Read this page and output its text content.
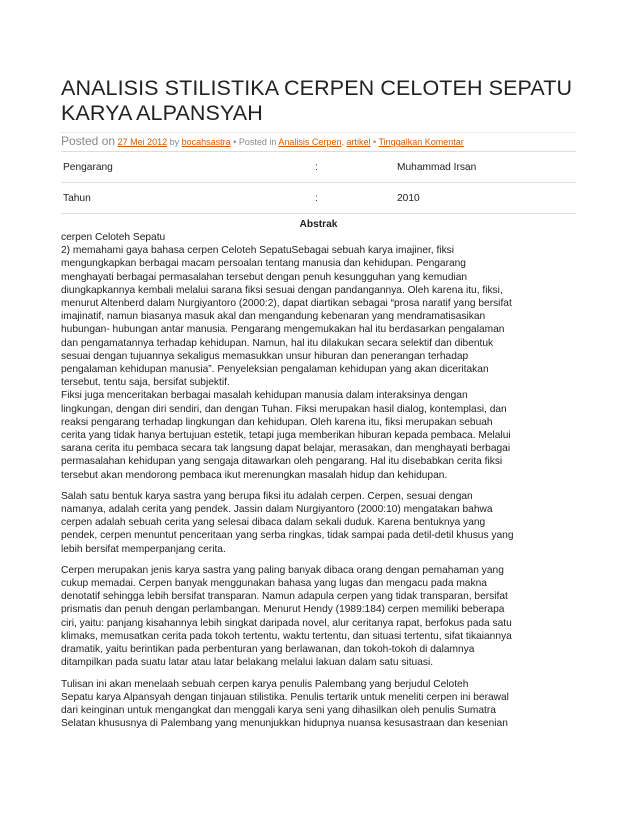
ANALISIS STILISTIKA CERPEN CELOTEH SEPATU KARYA ALPANSYAH
Posted on 27 Mei 2012 by bocahsastra • Posted in Analisis Cerpen, artikel • Tinggalkan Komentar
Pengarang	:	Muhammad Irsan
Tahun	:	2010
Abstrak

cerpen Celoteh Sepatu
2) memahami gaya bahasa cerpen Celoteh SepatuSebagai sebuah karya imajiner, fiksi
mengungkapkan berbagai macam persoalan tentang manusia dan kehidupan. Pengarang
menghayati berbagai permasalahan tersebut dengan penuh kesungguhan yang kemudian
diungkapkannya kembali melalui sarana fiksi sesuai dengan pandangannya. Oleh karena itu, fiksi,
menurut Altenberd dalam Nurgiyantoro (2000:2), dapat diartikan sebagai “prosa naratif yang bersifat
imajinatif, namun biasanya masuk akal dan mengandung kebenaran yang mendramatisasikan
hubungan- hubungan antar manusia. Pengarang mengemukakan hal itu berdasarkan pengalaman
dan pengamatannya terhadap kehidupan. Namun, hal itu dilakukan secara selektif dan dibentuk
sesuai dengan tujuannya sekaligus memasukkan unsur hiburan dan penerangan terhadap
pengalaman kehidupan manusia”. Penyeleksian pengalaman kehidupan yang akan diceritakan
tersebut, tentu saja, bersifat subjektif.
Fiksi juga menceritakan berbagai masalah kehidupan manusia dalam interaksinya dengan
lingkungan, dengan diri sendiri, dan dengan Tuhan. Fiksi merupakan hasil dialog, kontemplasi, dan
reaksi pengarang terhadap lingkungan dan kehidupan. Oleh karena itu, fiksi merupakan sebuah
cerita yang tidak hanya bertujuan estetik, tetapi juga memberikan hiburan kepada pembaca. Melalui
sarana cerita itu pembaca secara tak langsung dapat belajar, merasakan, dan menghayati berbagai
permasalahan kehidupan yang sengaja ditawarkan oleh pengarang. Hal itu disebabkan cerita fiksi
tersebut akan mendorong pembaca ikut merenungkan masalah hidup dan kehidupan.

Salah satu bentuk karya sastra yang berupa fiksi itu adalah cerpen. Cerpen, sesuai dengan
namanya, adalah cerita yang pendek. Jassin dalam Nurgiyantoro (2000:10) mengatakan bahwa
cerpen adalah sebuah cerita yang selesai dibaca dalam sekali duduk. Karena bentuknya yang
pendek, cerpen menuntut penceritaan yang serba ringkas, tidak sampai pada detil-detil khusus yang
lebih bersifat memperpanjang cerita.

Cerpen merupakan jenis karya sastra yang paling banyak dibaca orang dengan pemahaman yang
cukup memadai. Cerpen banyak menggunakan bahasa yang lugas dan mengacu pada makna
denotatif sehingga lebih bersifat transparan. Namun adapula cerpen yang tidak transparan, bersifat
prismatis dan penuh dengan perlambangan. Menurut Hendy (1989:184) cerpen memiliki beberapa
ciri, yaitu: panjang kisahannya lebih singkat daripada novel, alur ceritanya rapat, berfokus pada satu
klimaks, memusatkan cerita pada tokoh tertentu, waktu tertentu, dan situasi tertentu, sifat tikaiannya
dramatik, yaitu berintikan pada perbenturan yang berlawanan, dan tokoh-tokoh di dalamnya
ditampilkan pada suatu latar atau latar belakang melalui lakuan dalam satu situasi.

Tulisan ini akan menelaah sebuah cerpen karya penulis Palembang yang berjudul Celoteh
Sepatu karya Alpansyah dengan tinjauan stilistika. Penulis tertarik untuk meneliti cerpen ini berawal
dari keinginan untuk mengangkat dan menggali karya seni yang dihasilkan oleh penulis Sumatra
Selatan khususnya di Palembang yang menunjukkan hidupnya nuansa kesusastraan dan kesenian
